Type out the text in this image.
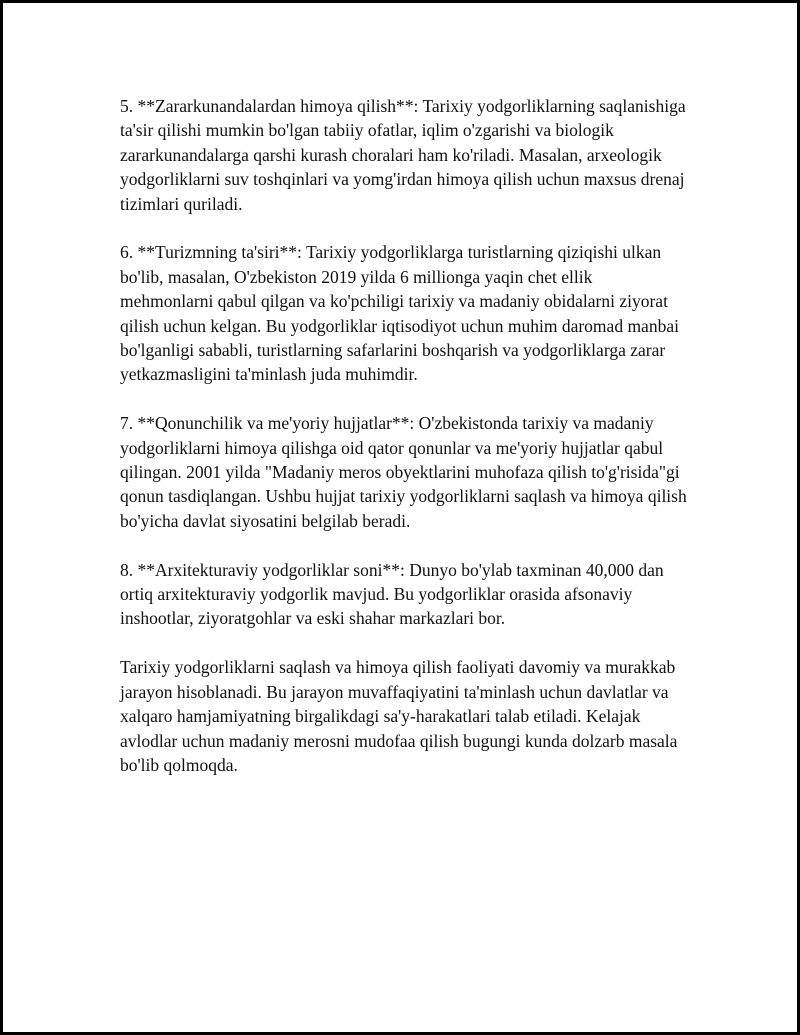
5. **Zararkunandalardan himoya qilish**: Tarixiy yodgorliklarning saqlanishiga ta'sir qilishi mumkin bo'lgan tabiiy ofatlar, iqlim o'zgarishi va biologik zararkunandalarga qarshi kurash choralari ham ko'riladi. Masalan, arxeologik yodgorliklarni suv toshqinlari va yomg'irdan himoya qilish uchun maxsus drenaj tizimlari quriladi.

6. **Turizmning ta'siri**: Tarixiy yodgorliklarga turistlarning qiziqishi ulkan bo'lib, masalan, O'zbekiston 2019 yilda 6 millionga yaqin chet ellik mehmonlarni qabul qilgan va ko'pchiligi tarixiy va madaniy obidalarni ziyorat qilish uchun kelgan. Bu yodgorliklar iqtisodiyot uchun muhim daromad manbai bo'lganligi sababli, turistlarning safarlarini boshqarish va yodgorliklarga zarar yetkazmasligini ta'minlash juda muhimdir.

7. **Qonunchilik va me'yoriy hujjatlar**: O'zbekistonda tarixiy va madaniy yodgorliklarni himoya qilishga oid qator qonunlar va me'yoriy hujjatlar qabul qilingan. 2001 yilda "Madaniy meros obyektlarini muhofaza qilish to'g'risida"gi qonun tasdiqlangan. Ushbu hujjat tarixiy yodgorliklarni saqlash va himoya qilish bo'yicha davlat siyosatini belgilab beradi.

8. **Arxitekturaviy yodgorliklar soni**: Dunyo bo'ylab taxminan 40,000 dan ortiq arxitekturaviy yodgorlik mavjud. Bu yodgorliklar orasida afsonaviy inshootlar, ziyoratgohlar va eski shahar markazlari bor.

Tarixiy yodgorliklarni saqlash va himoya qilish faoliyati davomiy va murakkab jarayon hisoblanadi. Bu jarayon muvaffaqiyatini ta'minlash uchun davlatlar va xalqaro hamjamiyatning birgalikdagi sa'y-harakatlari talab etiladi. Kelajak avlodlar uchun madaniy merosni mudofaa qilish bugungi kunda dolzarb masala bo'lib qolmoqda.
